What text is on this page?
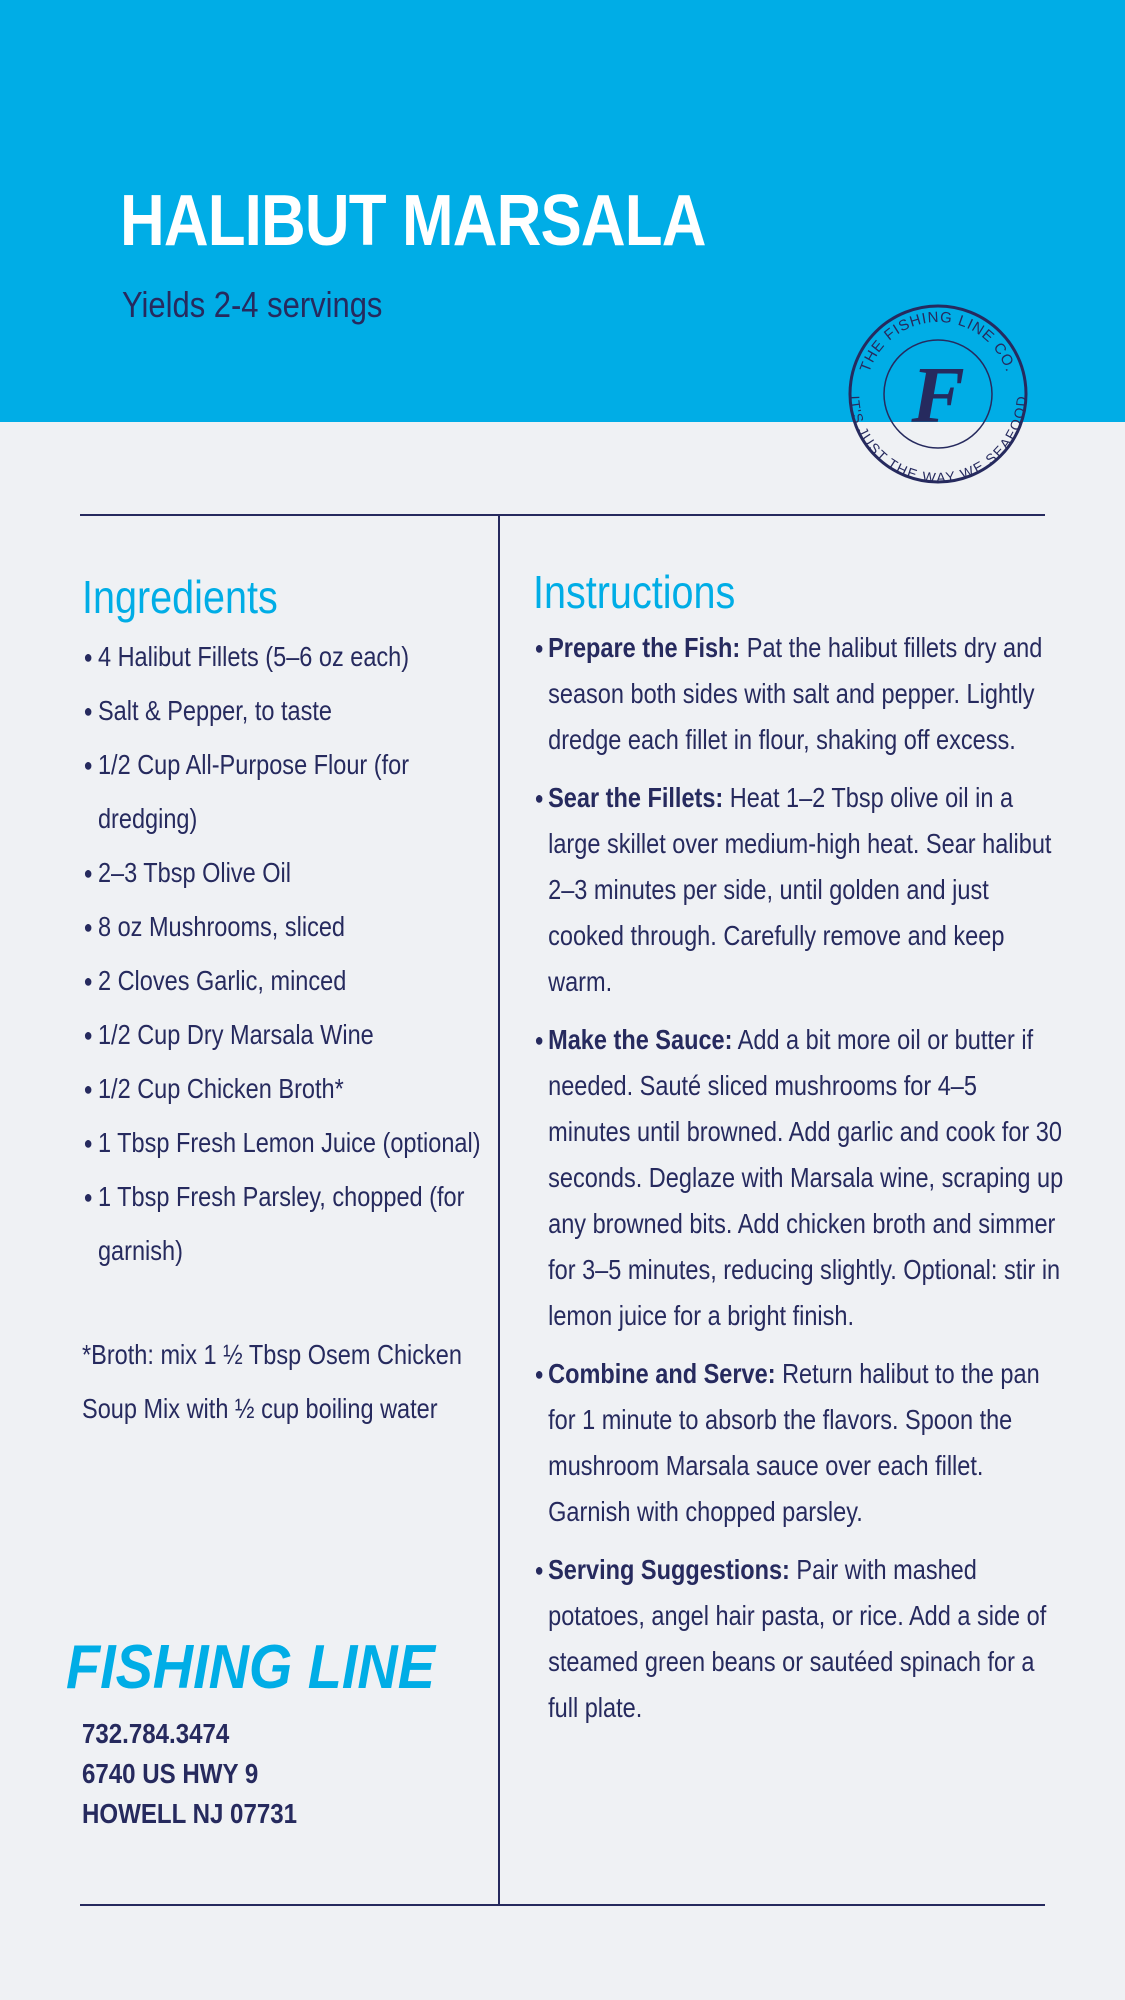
HALIBUT MARSALA
Yields 2-4 servings
THE FISHING LINE CO.
IT'S JUST THE WAY WE SEAFOOD
F
Ingredients
● 4 Halibut Fillets (5–6 oz each)
● Salt & Pepper, to taste
● 1/2 Cup All-Purpose Flour (for dredging)
● 2–3 Tbsp Olive Oil
● 8 oz Mushrooms, sliced
● 2 Cloves Garlic, minced
● 1/2 Cup Dry Marsala Wine
● 1/2 Cup Chicken Broth*
● 1 Tbsp Fresh Lemon Juice (optional)
● 1 Tbsp Fresh Parsley, chopped (for garnish)
*Broth: mix 1 ½ Tbsp Osem Chicken Soup Mix with ½ cup boiling water
Instructions
● Prepare the Fish: Pat the halibut fillets dry and season both sides with salt and pepper. Lightly dredge each fillet in flour, shaking off excess.
● Sear the Fillets: Heat 1–2 Tbsp olive oil in a large skillet over medium-high heat. Sear halibut 2–3 minutes per side, until golden and just cooked through. Carefully remove and keep warm.
● Make the Sauce: Add a bit more oil or butter if needed. Sauté sliced mushrooms for 4–5 minutes until browned. Add garlic and cook for 30 seconds. Deglaze with Marsala wine, scraping up any browned bits. Add chicken broth and simmer for 3–5 minutes, reducing slightly. Optional: stir in lemon juice for a bright finish.
● Combine and Serve: Return halibut to the pan for 1 minute to absorb the flavors. Spoon the mushroom Marsala sauce over each fillet. Garnish with chopped parsley.
● Serving Suggestions: Pair with mashed potatoes, angel hair pasta, or rice. Add a side of steamed green beans or sautéed spinach for a full plate.
FISHING LINE
732.784.3474
6740 US HWY 9
HOWELL NJ 07731
